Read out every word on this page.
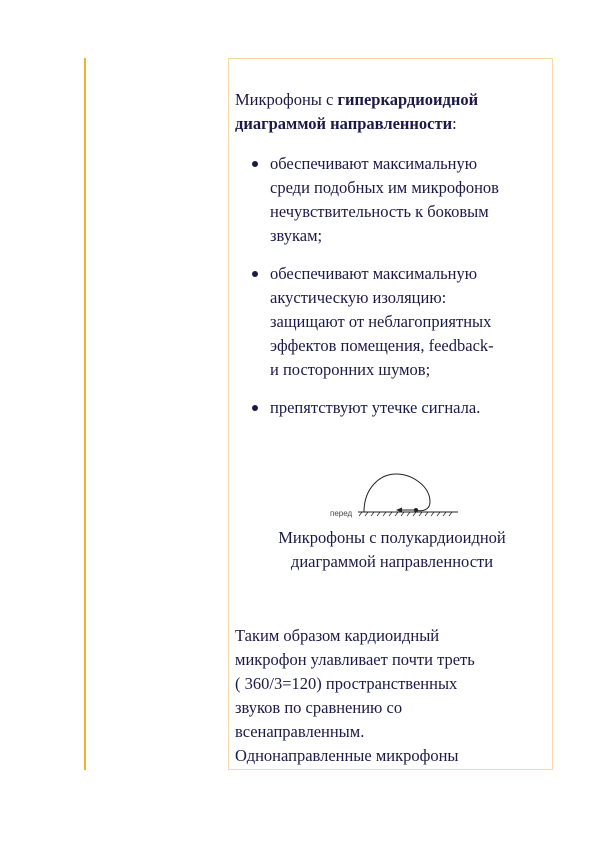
Микрофоны с гиперкардиоидной
диаграммой направленности:
обеспечивают максимальную
среди подобных им микрофонов
нечувствительность к боковым
звукам;
обеспечивают максимальную
акустическую изоляцию:
защищают от неблагоприятных
эффектов помещения, feedback-
и посторонних шумов;
препятствуют утечке сигнала.
перед
Микрофоны с полукардиоидной
диаграммой направленности
Таким образом кардиоидный
микрофон улавливает почти треть
( 360/3=120) пространственных
звуков по сравнению со
всенаправленным.
Однонаправленные микрофоны
